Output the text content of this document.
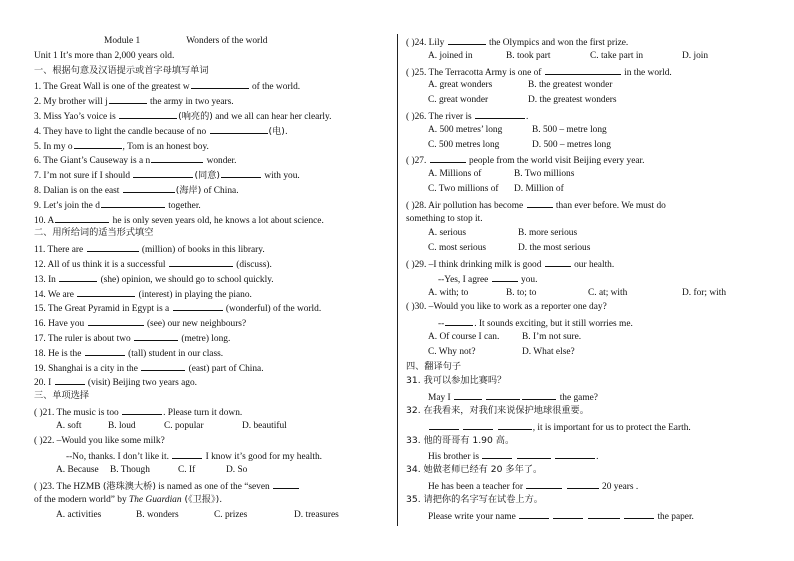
Module 1	Wonders of the world
Unit 1 It’s more than 2,000 years old.
一、根据句意及汉语提示或首字母填写单词
1. The Great Wall is one of the greatest w	of the world.
2. My brother will j	the army in two years.
3. Miss Yao’s voice is	(响亮的) and we all can hear her clearly.
4. They have to light the candle because of no	(电).
5. In my o	, Tom is an honest boy.
6. The Giant’s Causeway is a n	wonder.
7. I’m not sure if I should	(同意)	with you.
8. Dalian is on the east	(海岸) of China.
9. Let’s join the d	together.
10. A	he is only seven years old, he knows a lot about science.
二、用所给词的适当形式填空
11. There are	(million) of books in this library.
12. All of us think it is a successful	(discuss).
13. In	(she) opinion, we should go to school quickly.
14. We are	(interest) in playing the piano.
15. The Great Pyramid in Egypt is a	(wonderful) of the world.
16. Have you	(see) our new neighbours?
17. The ruler is about two	(metre) long.
18. He is the	(tall) student in our class.
19. Shanghai is a city in the	(east) part of China.
20. I	(visit) Beijing two years ago.
三、单项选择
( )21. The music is too	. Please turn it down.
A. soft	B. loud	C. popular	D. beautiful
( )22. –Would you like some milk?
--No, thanks. I don’t like it.	I know it’s good for my health.
A. Because B. Though	C. If	D. So
( )23. The HZMB (港珠澳大桥) is named as one of the “seven
of the modern world” by The Guardian (《卫报》).
A. activities	B. wonders	C. prizes	D. treasures
( )24. Lily	the Olympics and won the first prize.
A. joined in	B. took part	C. take part in	D. join
( )25. The Terracotta Army is one of	in the world.
A. great wonders	B. the greatest wonder
C. great wonder	D. the greatest wonders
( )26. The river is	.
A. 500 metres’ long	B. 500 – metre long
C. 500 metres long	D. 500 – metres long
( )27.	people from the world visit Beijing every year.
A. Millions of	B. Two millions
C. Two millions of D. Million of
( )28. Air pollution has become	than ever before. We must do
something to stop it.
A. serious	B. more serious
C. most serious	D. the most serious
( )29. –I think drinking milk is good	our health.
--Yes, I agree	you.
A. with; to	B. to; to	C. at; with	D. for; with
( )30. –Would you like to work as a reporter one day?
--	. It sounds exciting, but it still worries me.
A. Of course I can. B. I’m not sure.
C. Why not?	D. What else?
四、翻译句子
31. 我可以参加比赛吗？
May I	the game?
32. 在我看来，对我们来说保护地球很重要。
, it is important for us to protect the Earth.
33. 他的哥哥有 1.90 高。
His brother is	.
34. 她做老师已经有 20 多年了。
He has been a teacher for	20 years .
35. 请把你的名字写在试卷上方。
Please write your name	the paper.
